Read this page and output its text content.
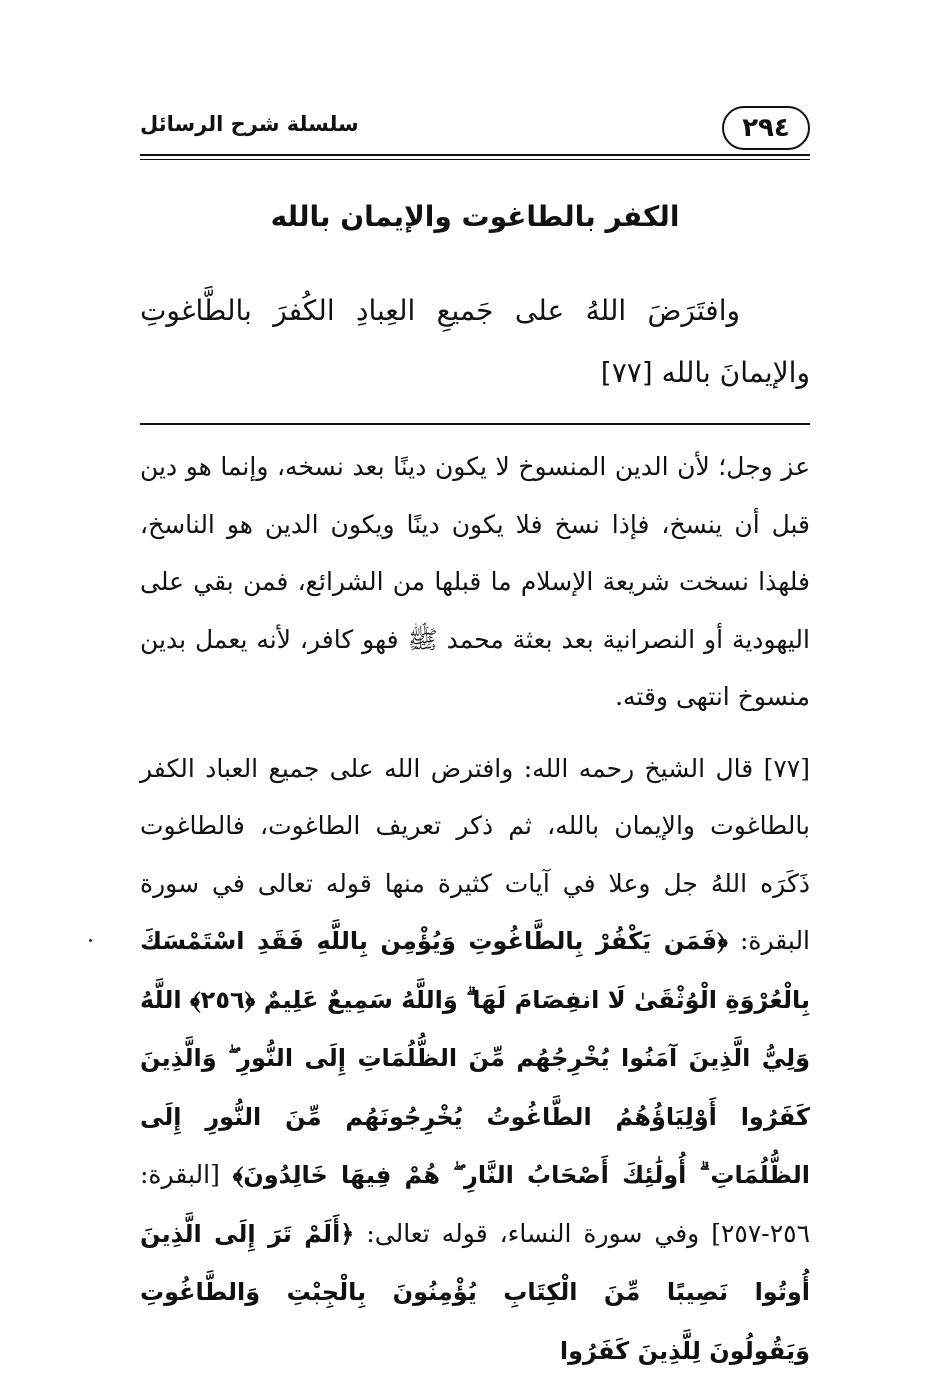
٢٩٤
سلسلة شرح الرسائل
الكفر بالطاغوت والإيمان بالله

وافتَرَضَ اللهُ على جَميعِ العِبادِ الكُفرَ بالطَّاغوتِ والإيمانَ بالله [٧٧]

عز وجل؛ لأن الدين المنسوخ لا يكون دينًا بعد نسخه، وإنما هو دين قبل أن ينسخ، فإذا نسخ فلا يكون دينًا ويكون الدين هو الناسخ، فلهذا نسخت شريعة الإسلام ما قبلها من الشرائع، فمن بقي على اليهودية أو النصرانية بعد بعثة محمد ﷺ فهو كافر، لأنه يعمل بدين منسوخ انتهى وقته.

[٧٧] قال الشيخ رحمه الله: وافترض الله على جميع العباد الكفر بالطاغوت والإيمان بالله، ثم ذكر تعريف الطاغوت، فالطاغوت ذَكَرَه اللهُ جل وعلا في آيات كثيرة منها قوله تعالى في سورة البقرة: ﴿فَمَن يَكْفُرْ بِالطَّاغُوتِ وَيُؤْمِن بِاللَّهِ فَقَدِ اسْتَمْسَكَ بِالْعُرْوَةِ الْوُثْقَىٰ لَا انفِصَامَ لَهَا ۗ وَاللَّهُ سَمِيعٌ عَلِيمٌ ﴿٢٥٦﴾ اللَّهُ وَلِيُّ الَّذِينَ آمَنُوا يُخْرِجُهُم مِّنَ الظُّلُمَاتِ إِلَى النُّورِ ۖ وَالَّذِينَ كَفَرُوا أَوْلِيَاؤُهُمُ الطَّاغُوتُ يُخْرِجُونَهُم مِّنَ النُّورِ إِلَى الظُّلُمَاتِ ۗ أُولَٰئِكَ أَصْحَابُ النَّارِ ۖ هُمْ فِيهَا خَالِدُونَ﴾ [البقرة: ٢٥٦-٢٥٧] وفي سورة النساء، قوله تعالى: ﴿أَلَمْ تَرَ إِلَى الَّذِينَ أُوتُوا نَصِيبًا مِّنَ الْكِتَابِ يُؤْمِنُونَ بِالْجِبْتِ وَالطَّاغُوتِ وَيَقُولُونَ لِلَّذِينَ كَفَرُوا
